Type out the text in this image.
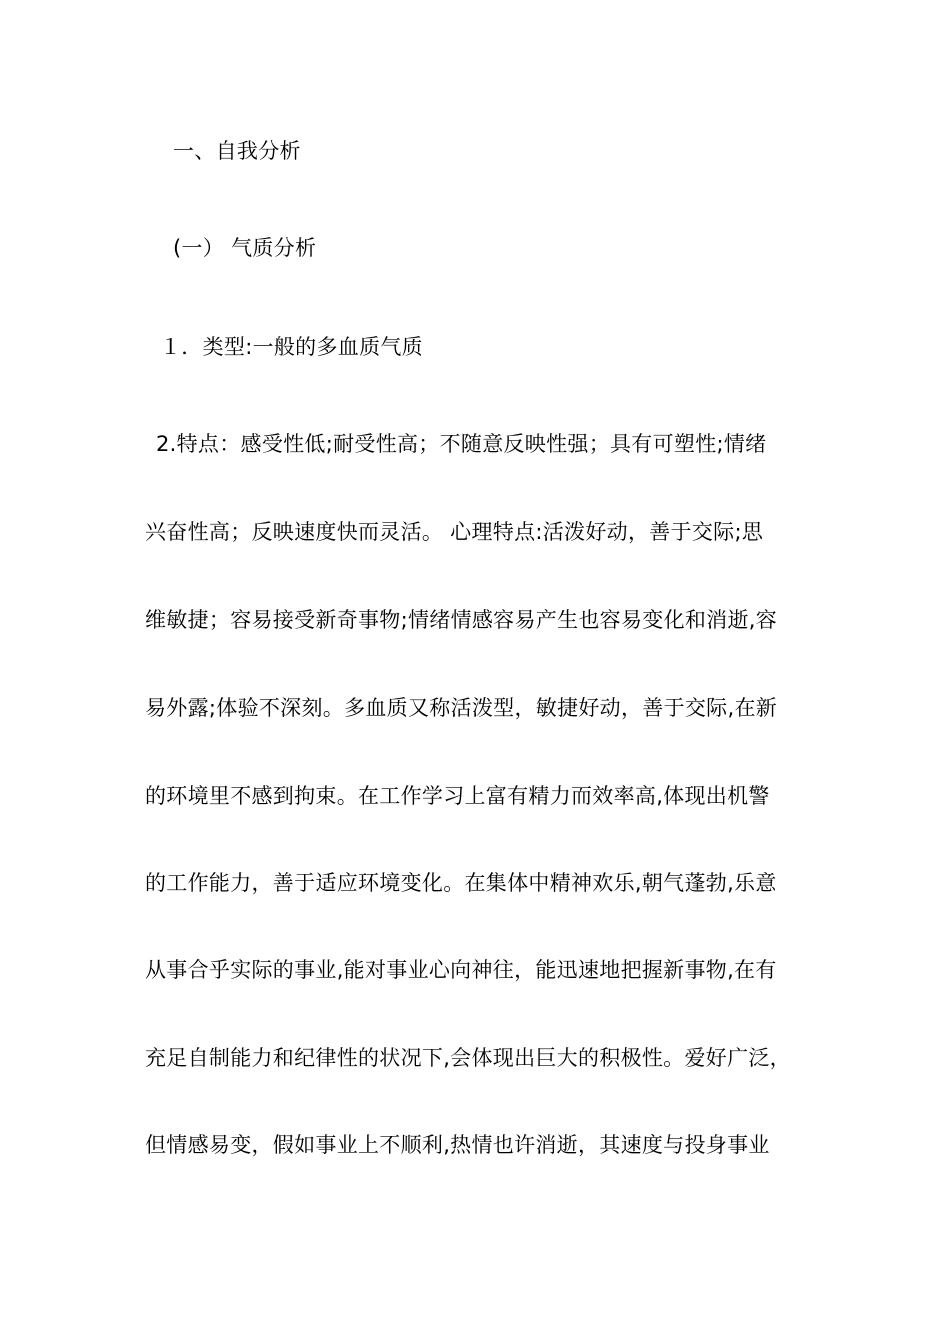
一、自我分析
(一） 气质分析
１．类型:一般的多血质气质
2.特点：感受性低;耐受性高；不随意反映性强；具有可塑性;情绪
兴奋性高；反映速度快而灵活。 心理特点:活泼好动，善于交际;思
维敏捷；容易接受新奇事物;情绪情感容易产生也容易变化和消逝,容
易外露;体验不深刻。多血质又称活泼型，敏捷好动，善于交际,在新
的环境里不感到拘束。在工作学习上富有精力而效率高,体现出机警
的工作能力，善于适应环境变化。在集体中精神欢乐,朝气蓬勃,乐意
从事合乎实际的事业,能对事业心向神往，能迅速地把握新事物,在有
充足自制能力和纪律性的状况下,会体现出巨大的积极性。爱好广泛，
但情感易变，假如事业上不顺利,热情也许消逝，其速度与投身事业
